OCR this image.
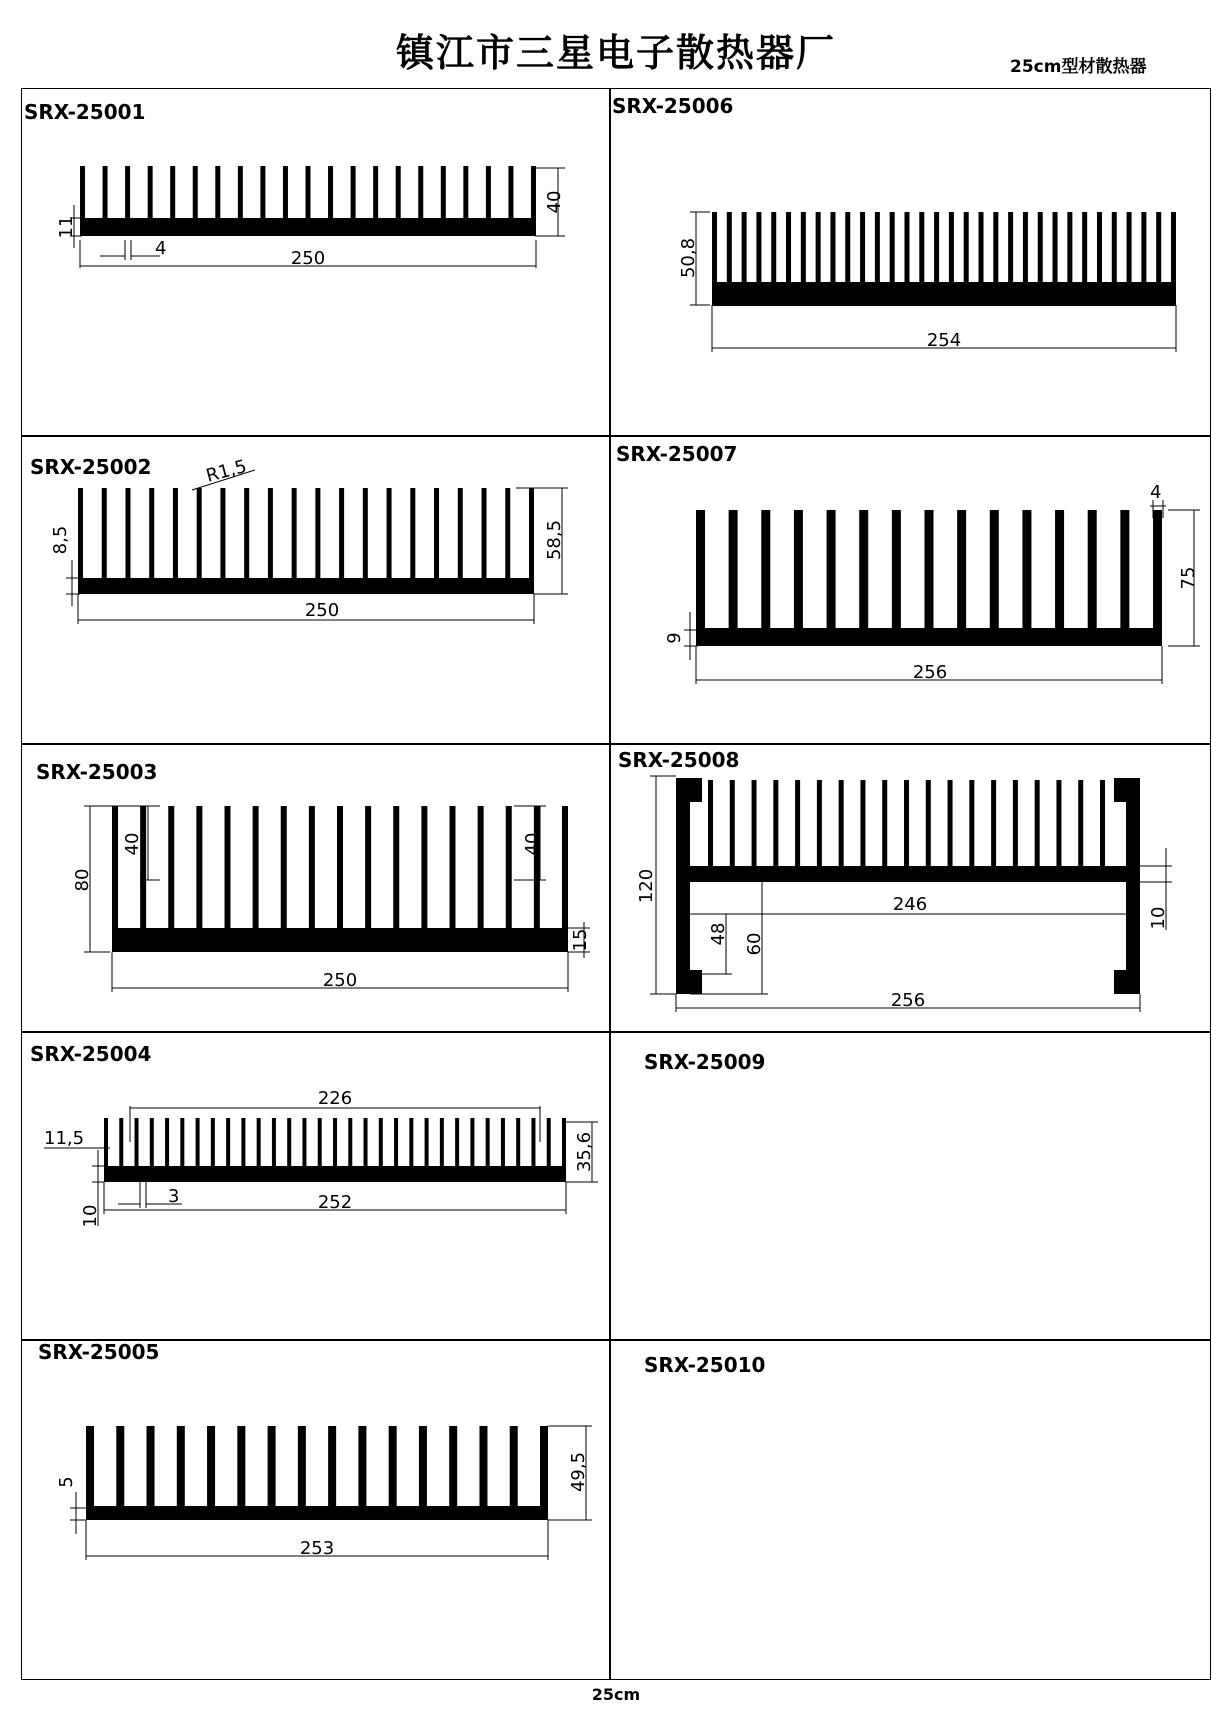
镇江市三星电子散热器厂	25cm型材散热器
SRX-25001	SRX-25006
SRX-25002
SRX-25007
SRX-25003	SRX-25008
SRX-25004	SRX-25009
SRX-25005
SRX-25010
40
11
4	250	50,8
254
R1,5
8,5	58,5
250
4
75
9
256
80
40	40
15
250
120
246
48 60
10
256
226
11,5	35,6
3	252
10
5	49,5
253
25cm
